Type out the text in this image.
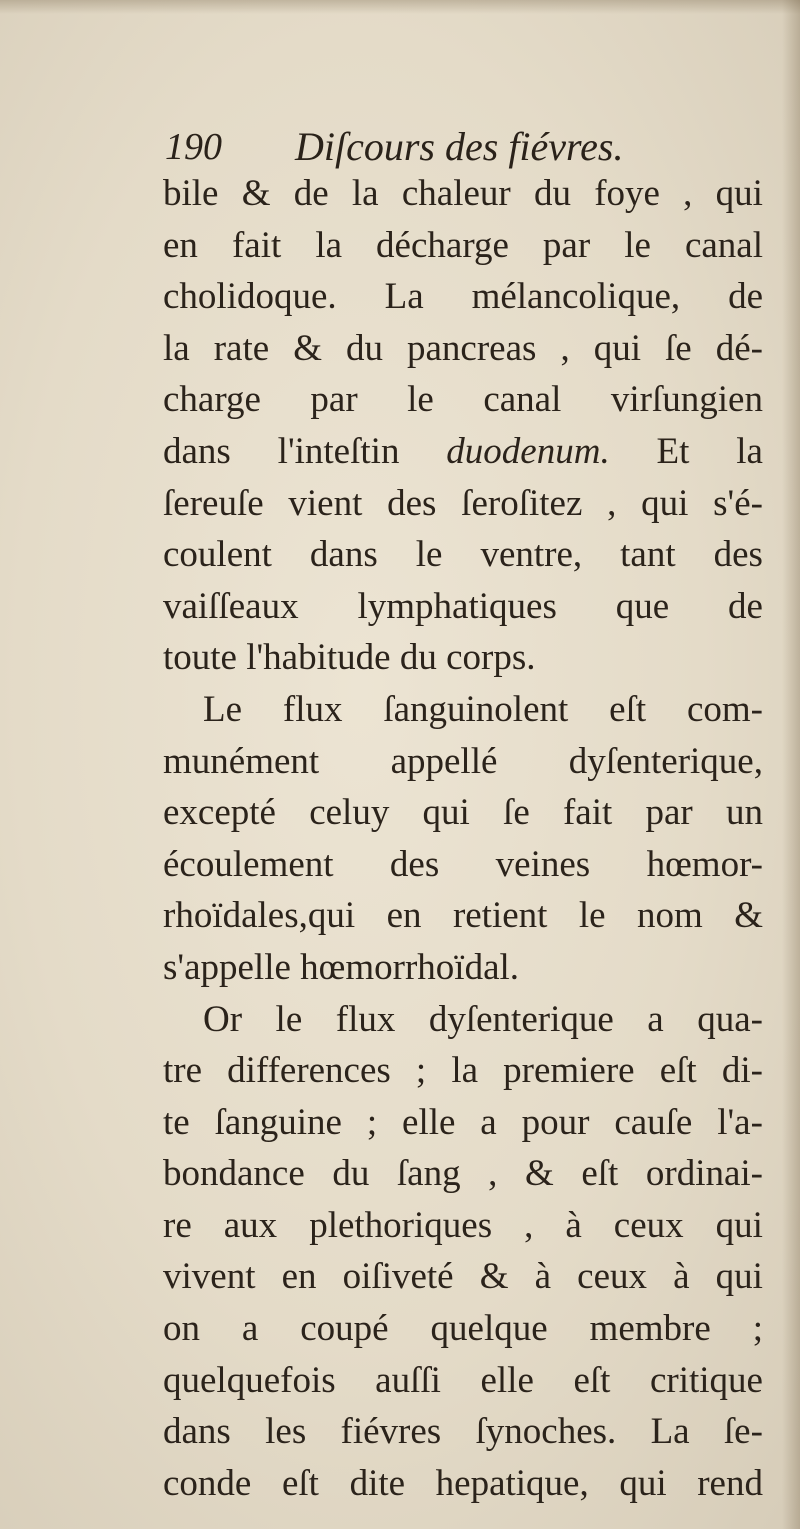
190 Diſcours des fiévres.
bile & de la chaleur du foye , qui
en fait la décharge par le canal
cholidoque. La mélancolique, de
la rate & du pancreas , qui ſe dé-
charge par le canal virſungien
dans l'inteſtin duodenum. Et la
ſereuſe vient des ſeroſitez , qui s'é-
coulent dans le ventre, tant des
vaiſſeaux lymphatiques que de
toute l'habitude du corps.
Le flux ſanguinolent eſt com-
munément appellé dyſenterique,
excepté celuy qui ſe fait par un
écoulement des veines hœmor-
rhoïdales,qui en retient le nom &
s'appelle hœmorrhoïdal.
Or le flux dyſenterique a qua-
tre differences ; la premiere eſt di-
te ſanguine ; elle a pour cauſe l'a-
bondance du ſang , & eſt ordinai-
re aux plethoriques , à ceux qui
vivent en oiſiveté & à ceux à qui
on a coupé quelque membre ;
quelquefois auſſi elle eſt critique
dans les fiévres ſynoches. La ſe-
conde eſt dite hepatique, qui rend
